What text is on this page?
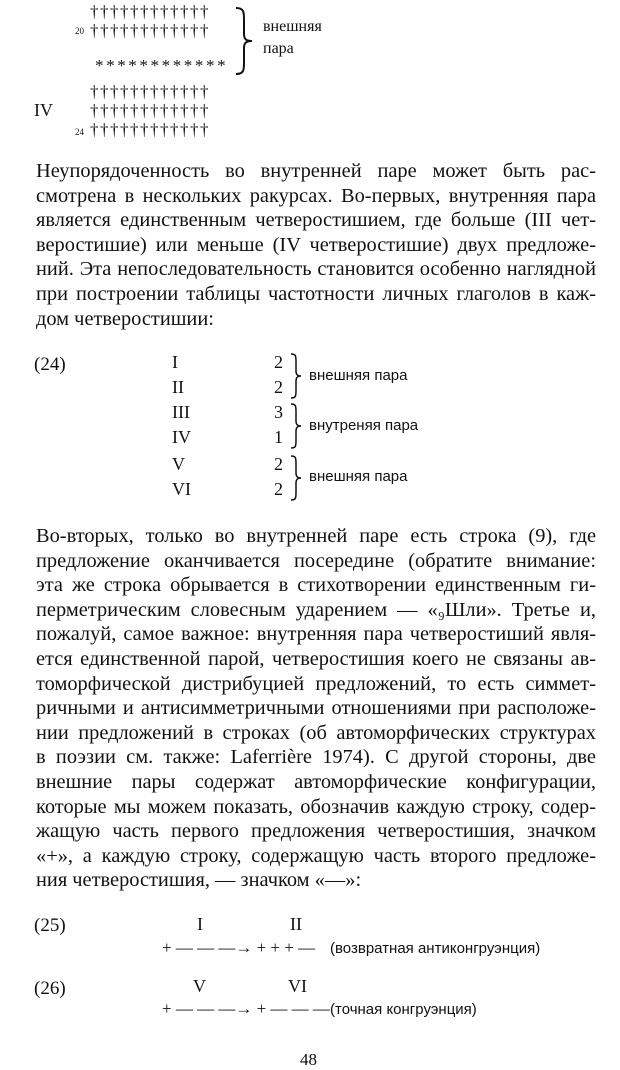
††††††††††††
20 ††††††††††††
************
††††††††††††
††††††††††††
24 ††††††††††††
IV
внешняя
пара
Неупорядоченность во внутренней паре может быть рас-
смотрена в нескольких ракурсах. Во-первых, внутренняя пара
является единственным четверостишием, где больше (III чет-
веростишие) или меньше (IV четверостишие) двух предложе-
ний. Эта непоследовательность становится особенно наглядной
при построении таблицы частотности личных глаголов в каж-
дом четверостишии:
(24)	I	2
II	2
III	3
IV	1
V	2
VI	2
внешняя пара
внутреняя пара
внешняя пара
Во-вторых, только во внутренней паре есть строка (9), где
предложение оканчивается посередине (обратите внимание:
эта же строка обрывается в стихотворении единственным ги-
перметрическим словесным ударением — «₉Шли». Третье и,
пожалуй, самое важное: внутренняя пара четверостиший явля-
ется единственной парой, четверостишия коего не связаны ав-
томорфической дистрибуцией предложений, то есть симмет-
ричными и антисимметричными отношениями при расположе-
нии предложений в строках (об автоморфических структурах
в поэзии см. также: Laferrière 1974). С другой стороны, две
внешние пары содержат автоморфические конфигурации,
которые мы можем показать, обозначив каждую строку, содер-
жащую часть первого предложения четверостишия, значком
«+», а каждую строку, содержащую часть второго предложе-
ния четверостишия, — значком «—»:
(25)	I	II
+ — — —→ + + + — (возвратная антиконгруэнция)
(26)	V	VI
+ — — —→ + — — — (точная конгруэнция)
48
